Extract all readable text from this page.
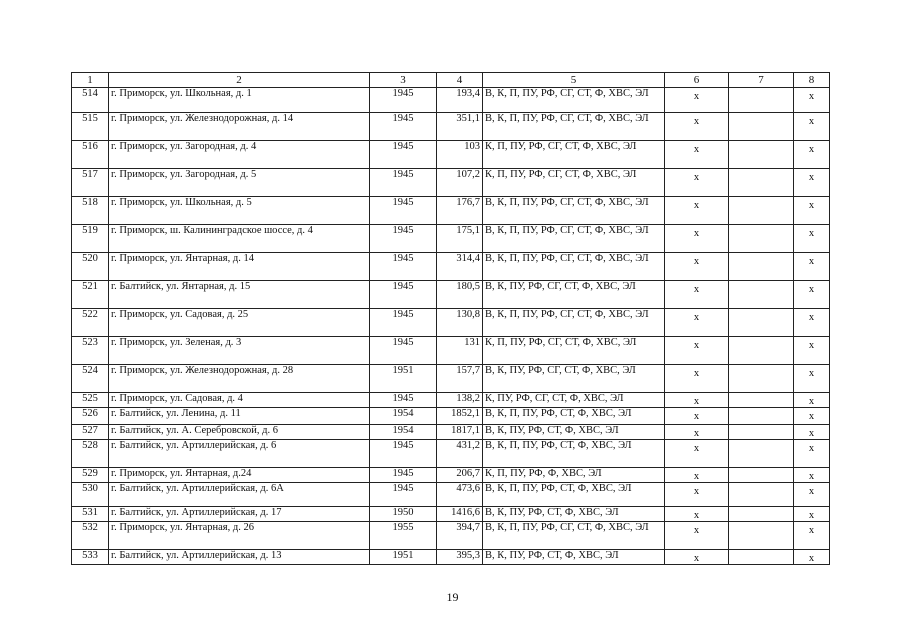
1	2	3	4	5	6	7	8
514	г. Приморск, ул. Школьная, д. 1	1945	193,4	В, К, П, ПУ, РФ, СГ, СТ, Ф, ХВС, ЭЛ	х		х
515	г. Приморск, ул. Железнодорожная, д. 14	1945	351,1	В, К, П, ПУ, РФ, СГ, СТ, Ф, ХВС, ЭЛ	х		х
516	г. Приморск, ул. Загородная, д. 4	1945	103	К, П, ПУ, РФ, СГ, СТ, Ф, ХВС, ЭЛ	х		х
517	г. Приморск, ул. Загородная, д. 5	1945	107,2	К, П, ПУ, РФ, СГ, СТ, Ф, ХВС, ЭЛ	х		х
518	г. Приморск, ул. Школьная, д. 5	1945	176,7	В, К, П, ПУ, РФ, СГ, СТ, Ф, ХВС, ЭЛ	х		х
519	г. Приморск, ш. Калининградское шоссе, д. 4	1945	175,1	В, К, П, ПУ, РФ, СГ, СТ, Ф, ХВС, ЭЛ	х		х
520	г. Приморск, ул. Янтарная, д. 14	1945	314,4	В, К, П, ПУ, РФ, СГ, СТ, Ф, ХВС, ЭЛ	х		х
521	г. Балтийск, ул. Янтарная, д. 15	1945	180,5	В, К, ПУ, РФ, СГ, СТ, Ф, ХВС, ЭЛ	х		х
522	г. Приморск, ул. Садовая, д. 25	1945	130,8	В, К, П, ПУ, РФ, СГ, СТ, Ф, ХВС, ЭЛ	х		х
523	г. Приморск, ул. Зеленая, д. 3	1945	131	К, П, ПУ, РФ, СГ, СТ, Ф, ХВС, ЭЛ	х		х
524	г. Приморск, ул. Железнодорожная, д. 28	1951	157,7	В, К, ПУ, РФ, СГ, СТ, Ф, ХВС, ЭЛ	х		х
525	г. Приморск, ул. Садовая, д. 4	1945	138,2	К, ПУ, РФ, СГ, СТ, Ф, ХВС, ЭЛ	х		х
526	г. Балтийск, ул. Ленина, д. 11	1954	1852,1	В, К, П, ПУ, РФ, СТ, Ф, ХВС, ЭЛ	х		х
527	г. Балтийск, ул. А. Серебровской, д. 6	1954	1817,1	В, К, ПУ, РФ, СТ, Ф, ХВС, ЭЛ	х		х
528	г. Балтийск, ул. Артиллерийская, д. 6	1945	431,2	В, К, П, ПУ, РФ, СТ, Ф, ХВС, ЭЛ	х		х
529	г. Приморск, ул. Янтарная, д.24	1945	206,7	К, П, ПУ, РФ, Ф, ХВС, ЭЛ	х		х
530	г. Балтийск, ул. Артиллерийская, д. 6А	1945	473,6	В, К, П, ПУ, РФ, СТ, Ф, ХВС, ЭЛ	х		х
531	г. Балтийск, ул. Артиллерийская, д. 17	1950	1416,6	В, К, ПУ, РФ, СТ, Ф, ХВС, ЭЛ	х		х
532	г. Приморск, ул. Янтарная, д. 26	1955	394,7	В, К, П, ПУ, РФ, СГ, СТ, Ф, ХВС, ЭЛ	х		х
533	г. Балтийск, ул. Артиллерийская, д. 13	1951	395,3	В, К, ПУ, РФ, СТ, Ф, ХВС, ЭЛ	х		х
19
